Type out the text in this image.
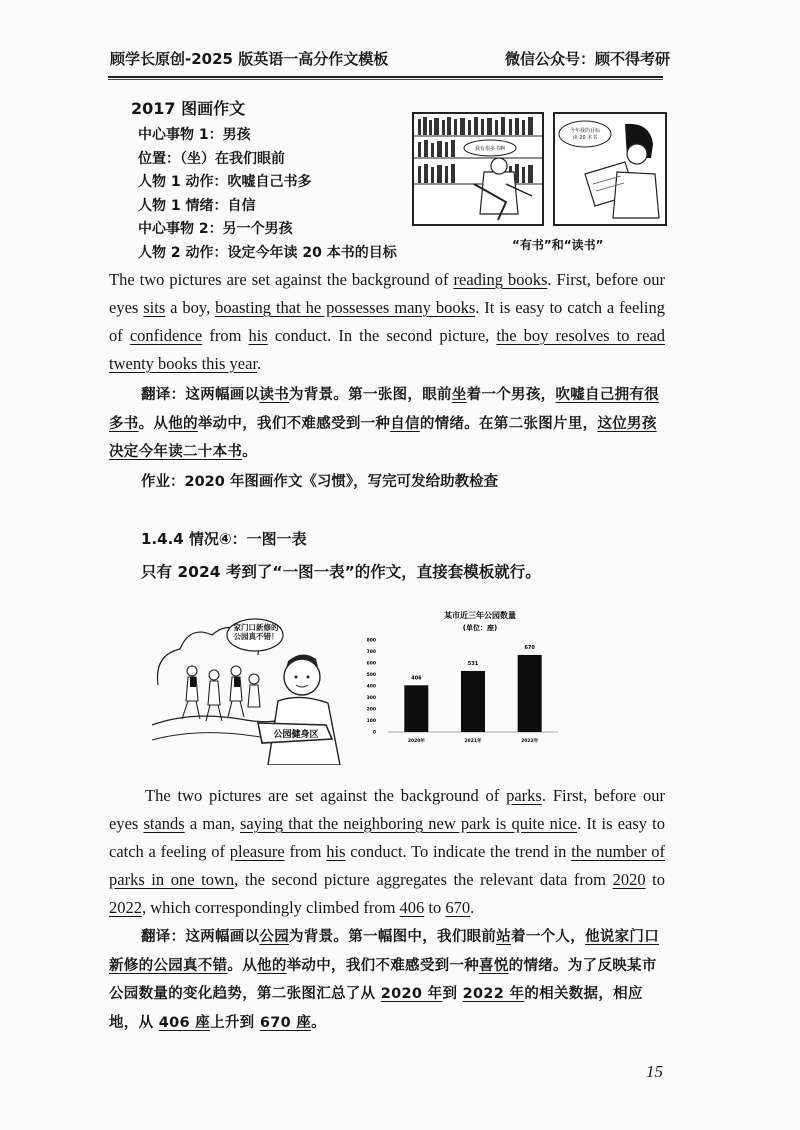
顾学长原创-2025 版英语一高分作文模板	微信公众号：顾不得考研
2017 图画作文
中心事物 1：男孩
位置：（坐）在我们眼前
人物 1 动作：吹嘘自己书多
人物 1 情绪：自信
中心事物 2：另一个男孩
人物 2 动作：设定今年读 20 本书的目标
我有很多书啊
今年我的目标
读 20 本书
“有书”和“读书”
The two pictures are set against the background of reading books. First, before our eyes sits a boy, boasting that he possesses many books. It is easy to catch a feeling of confidence from his conduct. In the second picture, the boy resolves to read twenty books this year.
翻译：这两幅画以读书为背景。第一张图，眼前坐着一个男孩，吹嘘自己拥有很多书。从他的举动中，我们不难感受到一种自信的情绪。在第二张图片里，这位男孩决定今年读二十本书。
作业：2020 年图画作文《习惯》，写完可发给助教检查
1.4.4 情况④：一图一表
只有 2024 考到了“一图一表”的作文，直接套模板就行。
家门口新修的公园真不错！
公园健身区
某市近三年公园数量
(单位：座)
0
100
200
300
400
500
600
700
800
406
2020年
531
2021年
670
2022年
The two pictures are set against the background of parks. First, before our eyes stands a man, saying that the neighboring new park is quite nice. It is easy to catch a feeling of pleasure from his conduct. To indicate the trend in the number of parks in one town, the second picture aggregates the relevant data from 2020 to 2022, which correspondingly climbed from 406 to 670.
翻译：这两幅画以公园为背景。第一幅图中，我们眼前站着一个人，他说家门口新修的公园真不错。从他的举动中，我们不难感受到一种喜悦的情绪。为了反映某市公园数量的变化趋势，第二张图汇总了从 2020 年到 2022 年的相关数据，相应地，从 406 座上升到 670 座。
15
